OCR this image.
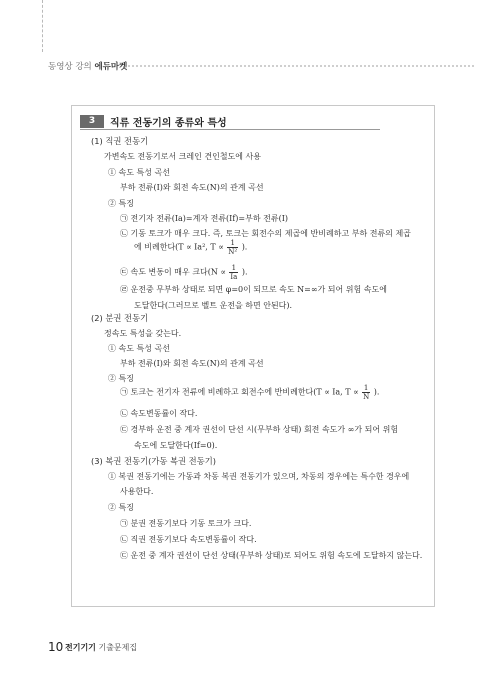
동영상 강의 에듀마켓
3	직류 전동기의 종류와 특성
(1) 직권 전동기
가변속도 전동기로서 크레인 견인철도에 사용
① 속도 특성 곡선
부하 전류(I)와 회전 속도(N)의 관계 곡선
② 특징
㉠ 전기자 전류(Ia)=계자 전류(If)=부하 전류(I)
㉡ 기동 토크가 매우 크다. 즉, 토크는 회전수의 제곱에 반비례하고 부하 전류의 제곱
에 비례한다(T ∝ Ia², $T \propto \frac{1}{\text{N²}}$ ).
㉢ 속도 변동이 매우 크다($N \propto \frac{1}{Ia}$ ).
㉣ 운전중 무부하 상태로 되면 φ=0이 되므로 속도 N=∞가 되어 위험 속도에
도달한다(그러므로 벨트 운전을 하면 안된다).
(2) 분권 전동기
정속도 특성을 갖는다.
① 속도 특성 곡선
부하 전류(I)와 회전 속도(N)의 관계 곡선
② 특징
㉠ 토크는 전기자 전류에 비례하고 회전수에 반비례한다(T ∝ Ia, $T \propto \frac{1}{N}$ ).
㉡ 속도변동률이 작다.
㉢ 경부하 운전 중 계자 권선이 단선 시(무부하 상태) 회전 속도가 ∞가 되어 위험
속도에 도달한다(If=0).
(3) 복권 전동기(가동 복권 전동기)
① 복권 전동기에는 가동과 차동 복권 전동기가 있으며, 차동의 경우에는 특수한 경우에
사용한다.
② 특징
㉠ 분권 전동기보다 기동 토크가 크다.
㉡ 직권 전동기보다 속도변동률이 작다.
㉢ 운전 중 계자 권선이 단선 상태(무부하 상태)로 되어도 위험 속도에 도달하지 않는다.
10 전기기기 기출문제집
